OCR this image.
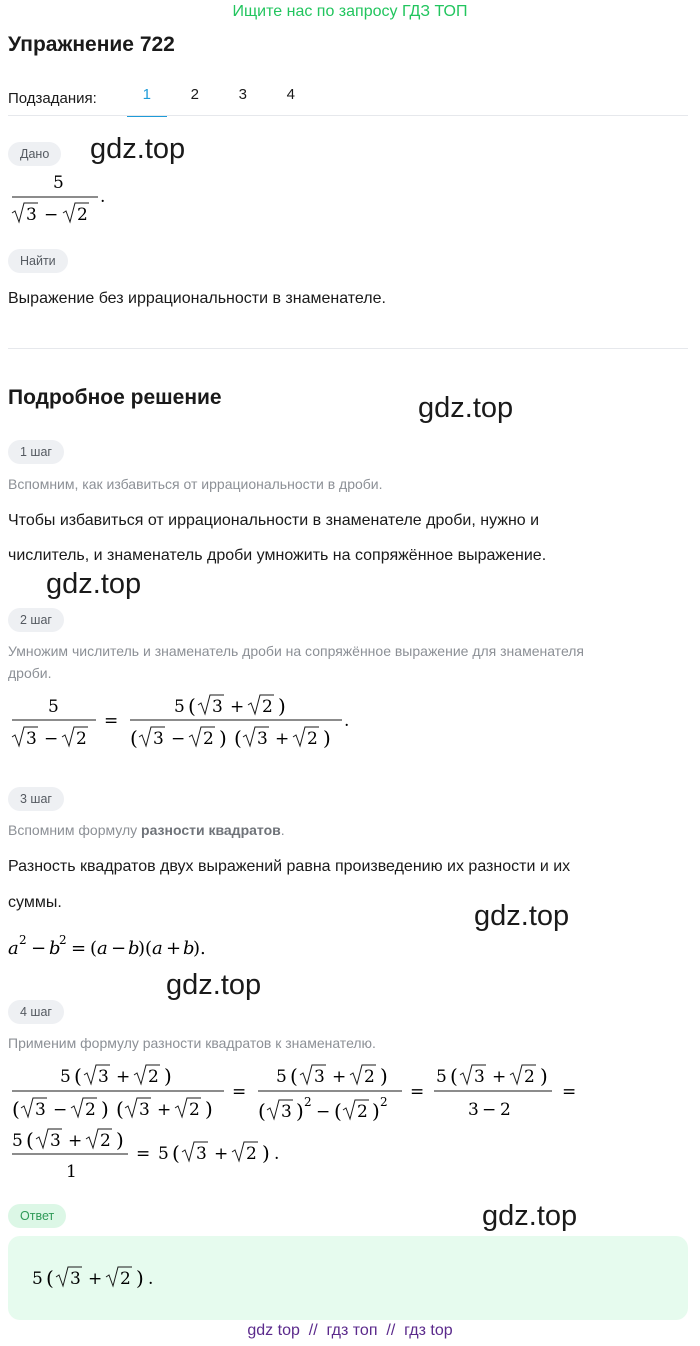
Ищите нас по запросу ГДЗ ТОП
Упражнение 722
Подзадания:	1	2	3	4
Дано	gdz.top
5
3 − 2
.
Найти
Выражение без иррациональности в знаменателе.
Подробное решение	gdz.top
1 шаг
Вспомним, как избавиться от иррациональности в дроби.
Чтобы избавиться от иррациональности в знаменателе дроби, нужно и
числитель, и знаменатель дроби умножить на сопряжённое выражение.
gdz.top
2 шаг
Умножим числитель и знаменатель дроби на сопряжённое выражение для знаменателя
дроби.
5
3 − 2
=
5 ( 3 + 2 )
( 3 − 2 ) ( 3 + 2 )
.
3 шаг
Вспомним формулу разности квадратов.
Разность квадратов двух выражений равна произведению их разности и их
суммы.	gdz.top
a 2 − b
2 = ( a − b
)( a + b
).
gdz.top
4 шаг
Применим формулу разности квадратов к знаменателю.
5 ( 3 + 2 )
( 3 − 2 ) ( 3 + 2 )
=
5 ( 3 + 2 )
( 3 ) 2 − ( 2 ) 2 =
5 ( 3 + 2 )
3 − 2
=
5 ( 3 + 2 )
1
= 5 ( 3 + 2 ) .
Ответ	gdz.top
5 ( 3 + 2 ) .
gdz top  //  гдз топ  //  гдз top
